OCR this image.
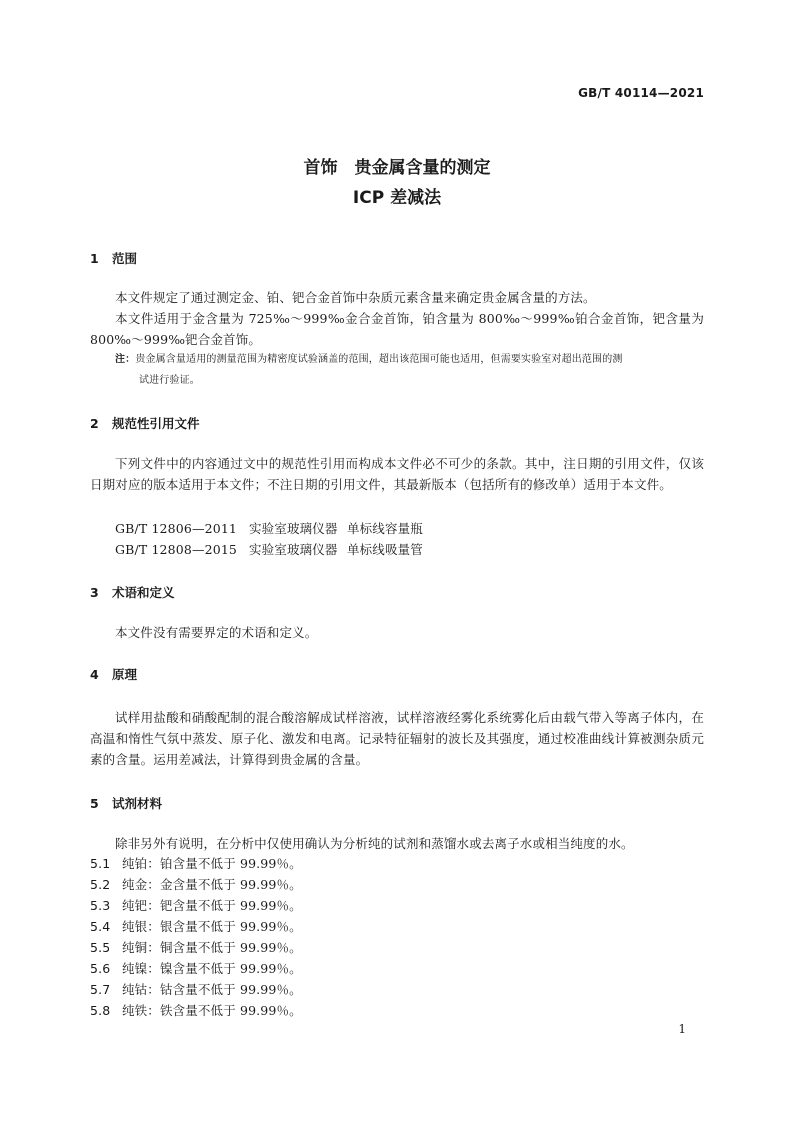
GB/T 40114—2021
首饰　贵金属含量的测定
ICP 差减法
1 范围
本文件规定了通过测定金、铂、钯合金首饰中杂质元素含量来确定贵金属含量的方法。
本文件适用于金含量为 725‰～999‰金合金首饰，铂含量为 800‰～999‰铂合金首饰，钯含量为 800‰～999‰钯合金首饰。
注：贵金属含量适用的测量范围为精密度试验涵盖的范围，超出该范围可能也适用，但需要实验室对超出范围的测
试进行验证。
2 规范性引用文件
下列文件中的内容通过文中的规范性引用而构成本文件必不可少的条款。其中，注日期的引用文件，仅该日期对应的版本适用于本文件；不注日期的引用文件，其最新版本（包括所有的修改单）适用于本文件。
GB/T 12806—2011 实验室玻璃仪器 单标线容量瓶
GB/T 12808—2015 实验室玻璃仪器 单标线吸量管
3 术语和定义
本文件没有需要界定的术语和定义。
4 原理
试样用盐酸和硝酸配制的混合酸溶解成试样溶液，试样溶液经雾化系统雾化后由载气带入等离子体内，在高温和惰性气氛中蒸发、原子化、激发和电离。记录特征辐射的波长及其强度，通过校准曲线计算被测杂质元素的含量。运用差减法，计算得到贵金属的含量。
5 试剂材料
除非另外有说明，在分析中仅使用确认为分析纯的试剂和蒸馏水或去离子水或相当纯度的水。
5.1 纯铂：铂含量不低于 99.99％。
5.2 纯金：金含量不低于 99.99％。
5.3 纯钯：钯含量不低于 99.99％。
5.4 纯银：银含量不低于 99.99％。
5.5 纯铜：铜含量不低于 99.99％。
5.6 纯镍：镍含量不低于 99.99％。
5.7 纯钴：钴含量不低于 99.99％。
5.8 纯铁：铁含量不低于 99.99％。
1
